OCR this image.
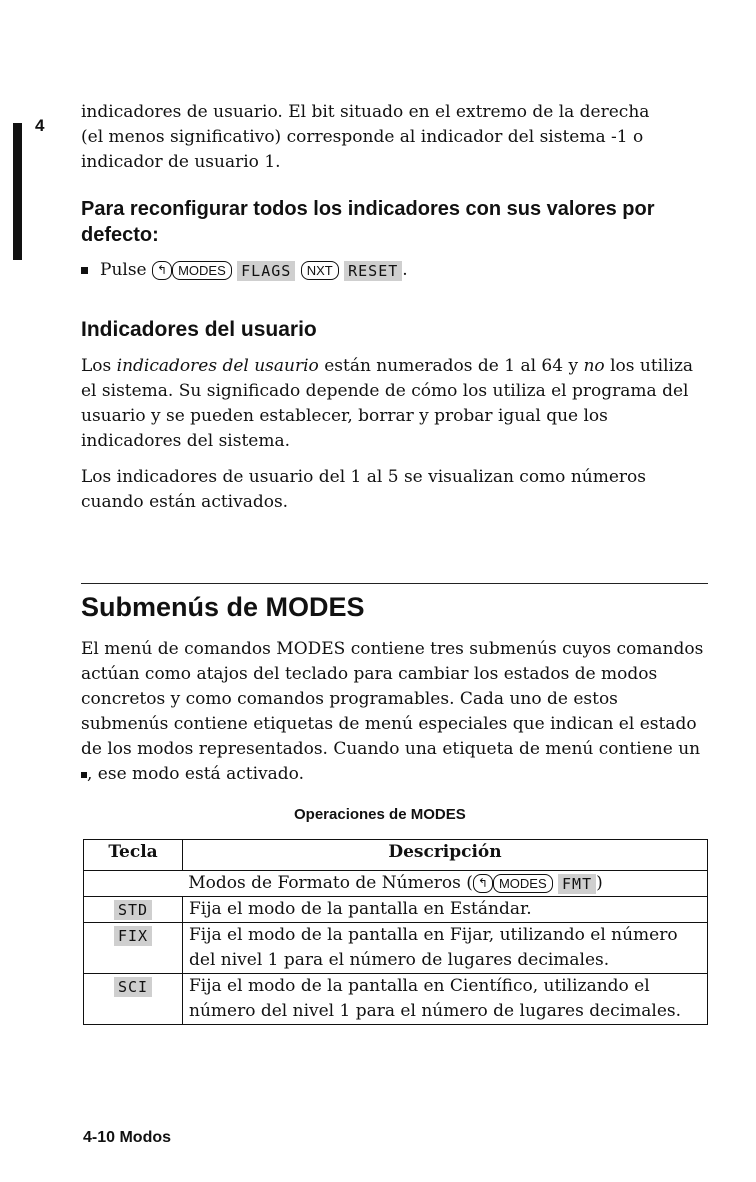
4
indicadores de usuario. El bit situado en el extremo de la derecha
(el menos significativo) corresponde al indicador del sistema -1 o
indicador de usuario 1.
Para reconfigurar todos los indicadores con sus valores por defecto:
Pulse ↰ MODES FLAGS NXT RESET .
Indicadores del usuario
Los indicadores del usaurio están numerados de 1 al 64 y no los utiliza el sistema. Su significado depende de cómo los utiliza el programa del usuario y se pueden establecer, borrar y probar igual que los indicadores del sistema.
Los indicadores de usuario del 1 al 5 se visualizan como números cuando están activados.
Submenús de MODES
El menú de comandos MODES contiene tres submenús cuyos comandos actúan como atajos del teclado para cambiar los estados de modos concretos y como comandos programables. Cada uno de estos submenús contiene etiquetas de menú especiales que indican el estado de los modos representados. Cuando una etiqueta de menú contiene un , ese modo está activado.
Operaciones de MODES
Tecla	Descripción
Modos de Formato de Números ( ↰ MODES FMT )	
STD	Fija el modo de la pantalla en Estándar.
FIX	Fija el modo de la pantalla en Fijar, utilizando el número del nivel 1 para el número de lugares decimales.
SCI	Fija el modo de la pantalla en Científico, utilizando el número del nivel 1 para el número de lugares decimales.
4-10 Modos
